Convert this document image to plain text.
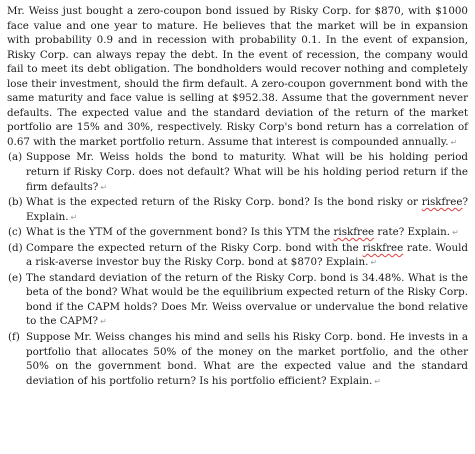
Mr. Weiss just bought a zero-coupon bond issued by Risky Corp. for $870, with $1000 face value and one year to mature. He believes that the market will be in expansion with probability 0.9 and in recession with probability 0.1. In the event of expansion, Risky Corp. can always repay the debt. In the event of recession, the company would fail to meet its debt obligation. The bondholders would recover nothing and completely lose their investment, should the firm default. A zero-coupon government bond with the same maturity and face value is selling at $952.38. Assume that the government never defaults. The expected value and the standard deviation of the return of the market portfolio are 15% and 30%, respectively. Risky Corp's bond return has a correlation of 0.67 with the market portfolio return. Assume that interest is compounded annually. ↵

(a) Suppose Mr. Weiss holds the bond to maturity. What will be his holding period return if Risky Corp. does not default? What will be his holding period return if the firm defaults? ↵
(b) What is the expected return of the Risky Corp. bond? Is the bond risky or riskfree? Explain. ↵
(c) What is the YTM of the government bond? Is this YTM the riskfree rate? Explain. ↵
(d) Compare the expected return of the Risky Corp. bond with the riskfree rate. Would a risk-averse investor buy the Risky Corp. bond at $870? Explain. ↵
(e) The standard deviation of the return of the Risky Corp. bond is 34.48%. What is the beta of the bond? What would be the equilibrium expected return of the Risky Corp. bond if the CAPM holds? Does Mr. Weiss overvalue or undervalue the bond relative to the CAPM? ↵
(f) Suppose Mr. Weiss changes his mind and sells his Risky Corp. bond. He invests in a portfolio that allocates 50% of the money on the market portfolio, and the other 50% on the government bond. What are the expected value and the standard deviation of his portfolio return? Is his portfolio efficient? Explain. ↵
